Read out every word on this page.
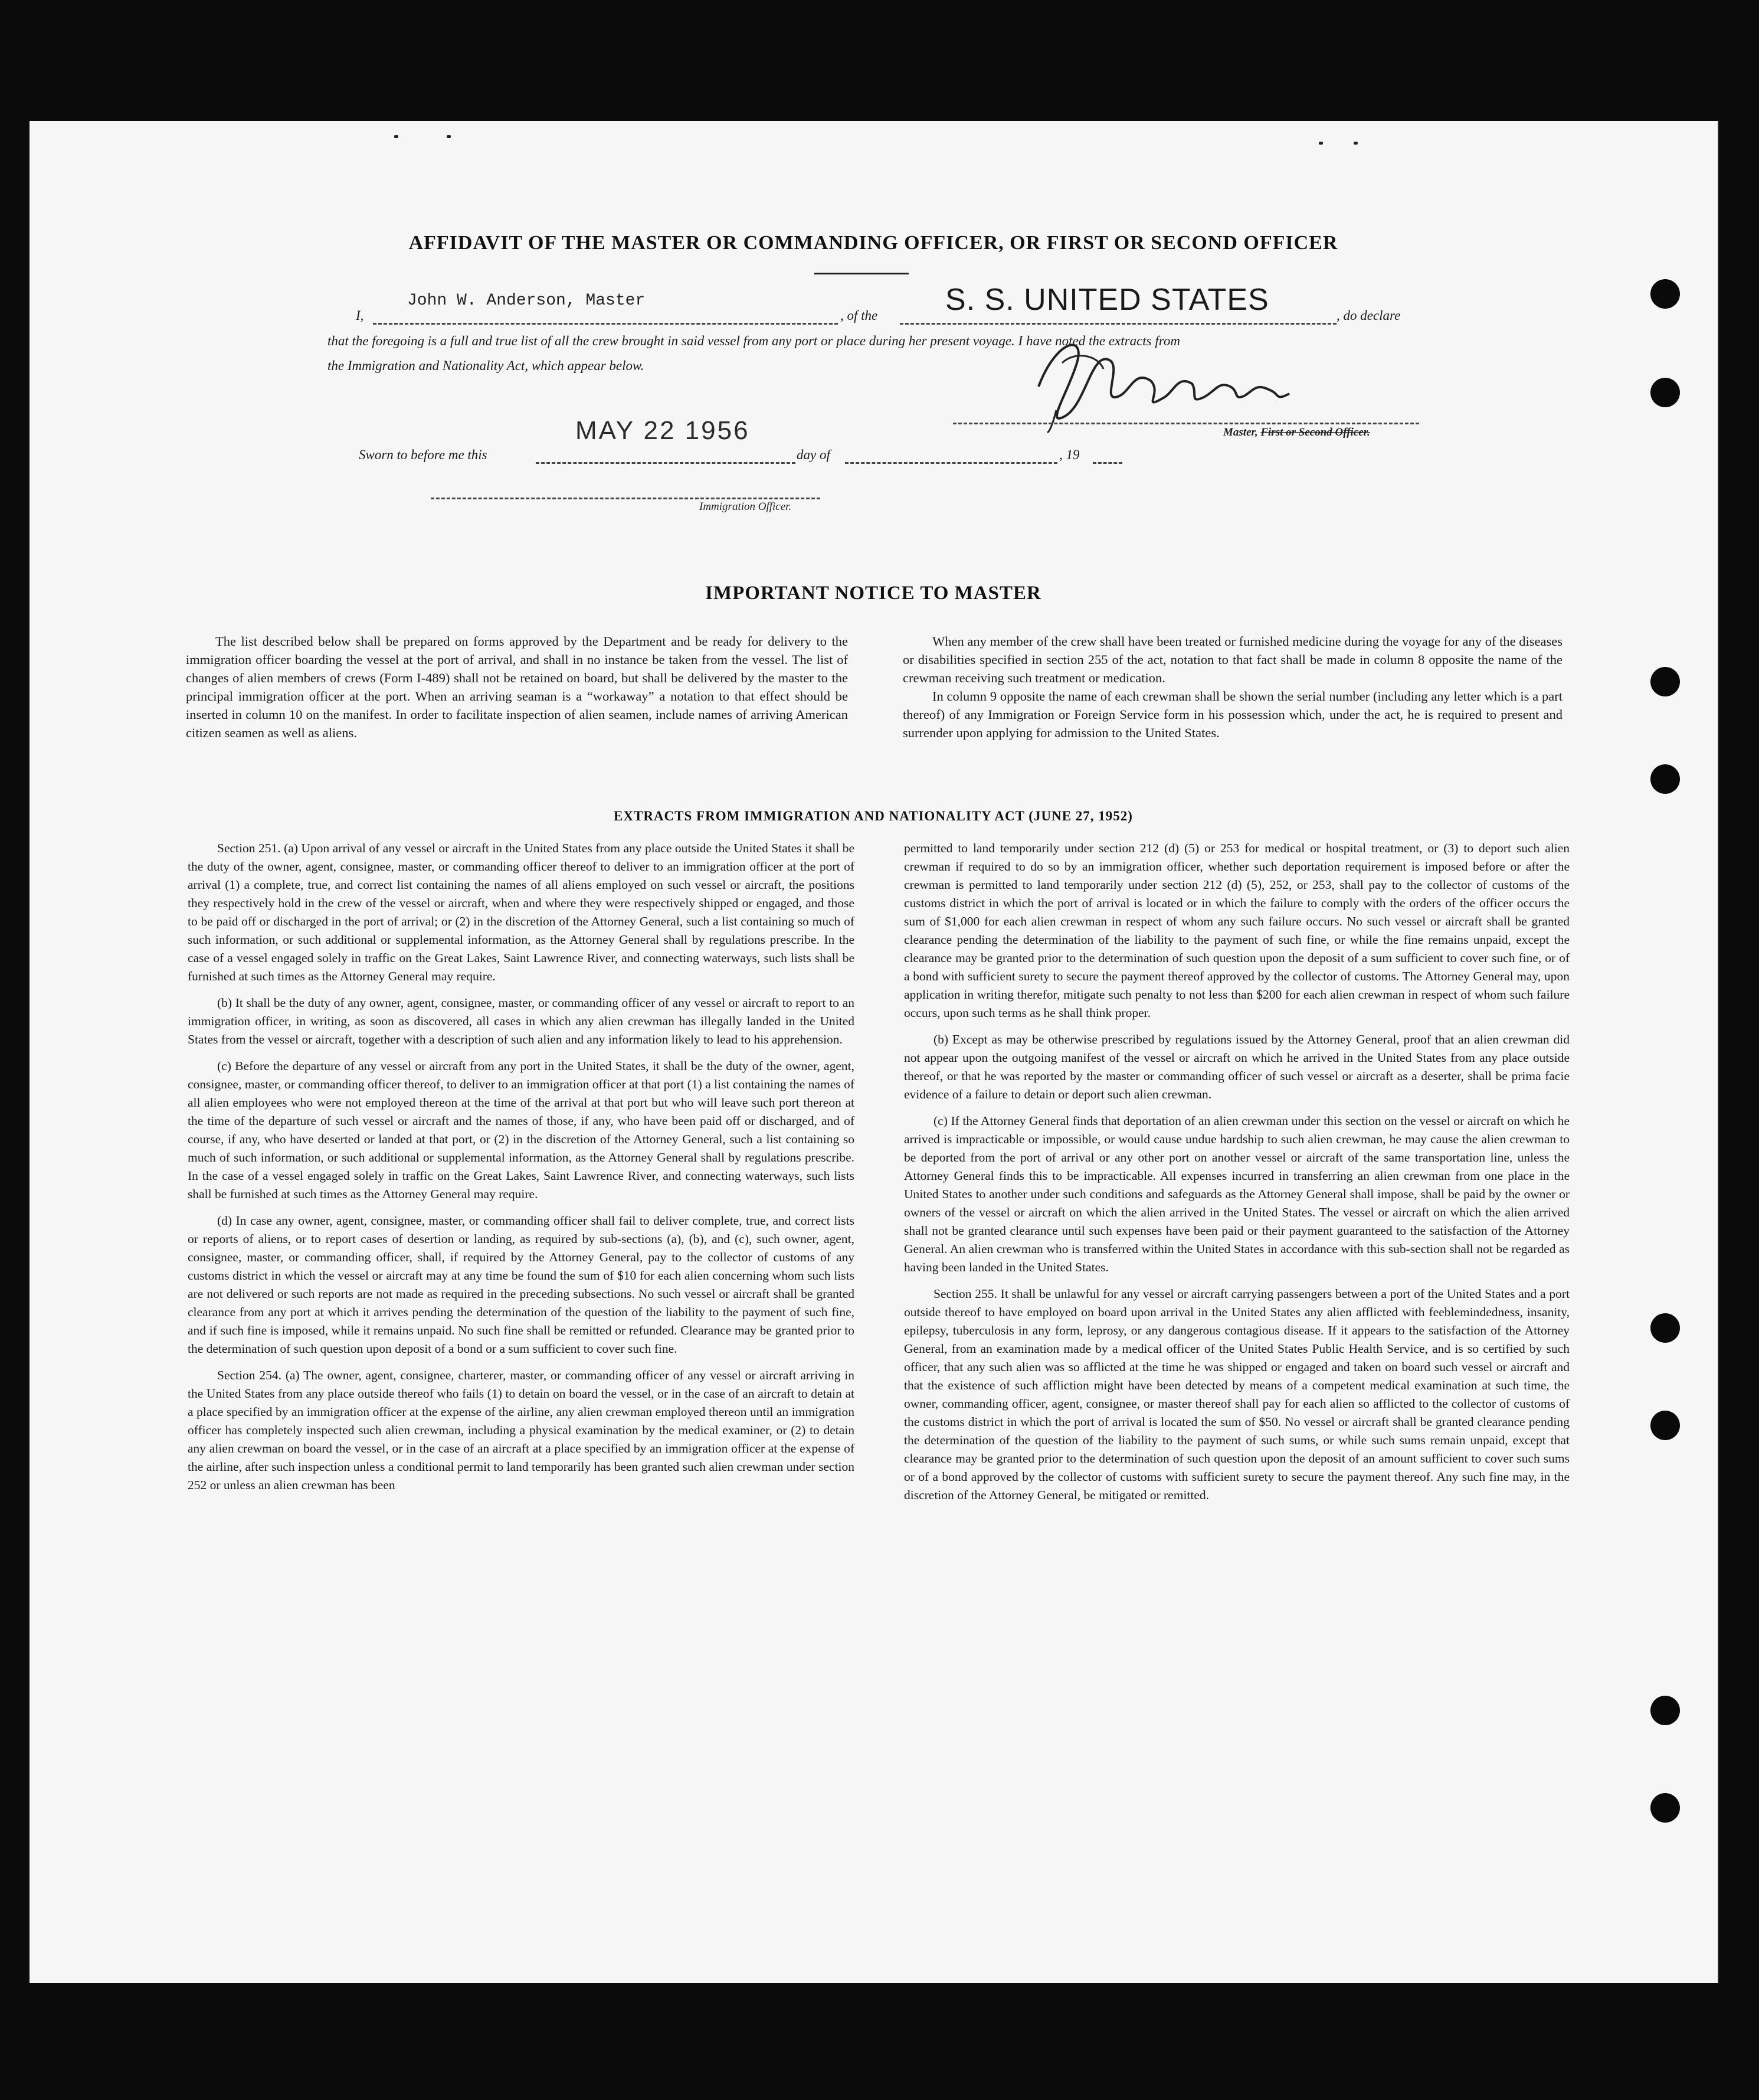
AFFIDAVIT OF THE MASTER OR COMMANDING OFFICER, OR FIRST OR SECOND OFFICER
I,
John W. Anderson, Master
, of the S. S. UNITED STATES	, do declare
that the foregoing is a full and true list of all the crew brought in said vessel from any port or place during her present voyage. I have noted the extracts from
the Immigration and Nationality Act, which appear below.
Master, First or Second Officer.
Sworn to before me this
MAY 22 1956
day of	, 19
Immigration Officer.
IMPORTANT NOTICE TO MASTER

The list described below shall be prepared on forms approved by the Department and be ready for delivery to the immigration officer boarding the vessel at the port of arrival, and shall in no instance be taken from the vessel. The list of changes of alien members of crews (Form I-489) shall not be retained on board, but shall be delivered by the master to the principal immigration officer at the port. When an arriving seaman is a “workaway” a notation to that effect should be inserted in column 10 on the manifest. In order to facilitate inspection of alien seamen, include names of arriving American citizen seamen as well as aliens.

When any member of the crew shall have been treated or furnished medicine during the voyage for any of the diseases or disabilities specified in section 255 of the act, notation to that fact shall be made in column 8 opposite the name of the crewman receiving such treatment or medication.

In column 9 opposite the name of each crewman shall be shown the serial number (including any letter which is a part thereof) of any Immigration or Foreign Service form in his possession which, under the act, he is required to present and surrender upon applying for admission to the United States.

EXTRACTS FROM IMMIGRATION AND NATIONALITY ACT (JUNE 27, 1952)

Section 251. (a) Upon arrival of any vessel or aircraft in the United States from any place outside the United States it shall be the duty of the owner, agent, consignee, master, or commanding officer thereof to deliver to an immigration officer at the port of arrival (1) a complete, true, and correct list containing the names of all aliens employed on such vessel or aircraft, the positions they respectively hold in the crew of the vessel or aircraft, when and where they were respectively shipped or engaged, and those to be paid off or discharged in the port of arrival; or (2) in the discretion of the Attorney General, such a list containing so much of such information, or such additional or supplemental information, as the Attorney General shall by regulations prescribe. In the case of a vessel engaged solely in traffic on the Great Lakes, Saint Lawrence River, and connecting waterways, such lists shall be furnished at such times as the Attorney General may require.

(b) It shall be the duty of any owner, agent, consignee, master, or commanding officer of any vessel or aircraft to report to an immigration officer, in writing, as soon as discovered, all cases in which any alien crewman has illegally landed in the United States from the vessel or aircraft, together with a description of such alien and any information likely to lead to his apprehension.

(c) Before the departure of any vessel or aircraft from any port in the United States, it shall be the duty of the owner, agent, consignee, master, or commanding officer thereof, to deliver to an immigration officer at that port (1) a list containing the names of all alien employees who were not employed thereon at the time of the arrival at that port but who will leave such port thereon at the time of the departure of such vessel or aircraft and the names of those, if any, who have been paid off or discharged, and of course, if any, who have deserted or landed at that port, or (2) in the discretion of the Attorney General, such a list containing so much of such information, or such additional or supplemental information, as the Attorney General shall by regulations prescribe. In the case of a vessel engaged solely in traffic on the Great Lakes, Saint Lawrence River, and connecting waterways, such lists shall be furnished at such times as the Attorney General may require.

(d) In case any owner, agent, consignee, master, or commanding officer shall fail to deliver complete, true, and correct lists or reports of aliens, or to report cases of desertion or landing, as required by sub-sections (a), (b), and (c), such owner, agent, consignee, master, or commanding officer, shall, if required by the Attorney General, pay to the collector of customs of any customs district in which the vessel or aircraft may at any time be found the sum of $10 for each alien concerning whom such lists are not delivered or such reports are not made as required in the preceding subsections. No such vessel or aircraft shall be granted clearance from any port at which it arrives pending the determination of the question of the liability to the payment of such fine, and if such fine is imposed, while it remains unpaid. No such fine shall be remitted or refunded. Clearance may be granted prior to the determination of such question upon deposit of a bond or a sum sufficient to cover such fine.

Section 254. (a) The owner, agent, consignee, charterer, master, or commanding officer of any vessel or aircraft arriving in the United States from any place outside thereof who fails (1) to detain on board the vessel, or in the case of an aircraft to detain at a place specified by an immigration officer at the expense of the airline, any alien crewman employed thereon until an immigration officer has completely inspected such alien crewman, including a physical examination by the medical examiner, or (2) to detain any alien crewman on board the vessel, or in the case of an aircraft at a place specified by an immigration officer at the expense of the airline, after such inspection unless a conditional permit to land temporarily has been granted such alien crewman under section 252 or unless an alien crewman has been

permitted to land temporarily under section 212 (d) (5) or 253 for medical or hospital treatment, or (3) to deport such alien crewman if required to do so by an immigration officer, whether such deportation requirement is imposed before or after the crewman is permitted to land temporarily under section 212 (d) (5), 252, or 253, shall pay to the collector of customs of the customs district in which the port of arrival is located or in which the failure to comply with the orders of the officer occurs the sum of $1,000 for each alien crewman in respect of whom any such failure occurs. No such vessel or aircraft shall be granted clearance pending the determination of the liability to the payment of such fine, or while the fine remains unpaid, except the clearance may be granted prior to the determination of such question upon the deposit of a sum sufficient to cover such fine, or of a bond with sufficient surety to secure the payment thereof approved by the collector of customs. The Attorney General may, upon application in writing therefor, mitigate such penalty to not less than $200 for each alien crewman in respect of whom such failure occurs, upon such terms as he shall think proper.

(b) Except as may be otherwise prescribed by regulations issued by the Attorney General, proof that an alien crewman did not appear upon the outgoing manifest of the vessel or aircraft on which he arrived in the United States from any place outside thereof, or that he was reported by the master or commanding officer of such vessel or aircraft as a deserter, shall be prima facie evidence of a failure to detain or deport such alien crewman.

(c) If the Attorney General finds that deportation of an alien crewman under this section on the vessel or aircraft on which he arrived is impracticable or impossible, or would cause undue hardship to such alien crewman, he may cause the alien crewman to be deported from the port of arrival or any other port on another vessel or aircraft of the same transportation line, unless the Attorney General finds this to be impracticable. All expenses incurred in transferring an alien crewman from one place in the United States to another under such conditions and safeguards as the Attorney General shall impose, shall be paid by the owner or owners of the vessel or aircraft on which the alien arrived in the United States. The vessel or aircraft on which the alien arrived shall not be granted clearance until such expenses have been paid or their payment guaranteed to the satisfaction of the Attorney General. An alien crewman who is transferred within the United States in accordance with this sub-section shall not be regarded as having been landed in the United States.

Section 255. It shall be unlawful for any vessel or aircraft carrying passengers between a port of the United States and a port outside thereof to have employed on board upon arrival in the United States any alien afflicted with feeblemindedness, insanity, epilepsy, tuberculosis in any form, leprosy, or any dangerous contagious disease. If it appears to the satisfaction of the Attorney General, from an examination made by a medical officer of the United States Public Health Service, and is so certified by such officer, that any such alien was so afflicted at the time he was shipped or engaged and taken on board such vessel or aircraft and that the existence of such affliction might have been detected by means of a competent medical examination at such time, the owner, commanding officer, agent, consignee, or master thereof shall pay for each alien so afflicted to the collector of customs of the customs district in which the port of arrival is located the sum of $50. No vessel or aircraft shall be granted clearance pending the determination of the question of the liability to the payment of such sums, or while such sums remain unpaid, except that clearance may be granted prior to the determination of such question upon the deposit of an amount sufficient to cover such sums or of a bond approved by the collector of customs with sufficient surety to secure the payment thereof. Any such fine may, in the discretion of the Attorney General, be mitigated or remitted.
